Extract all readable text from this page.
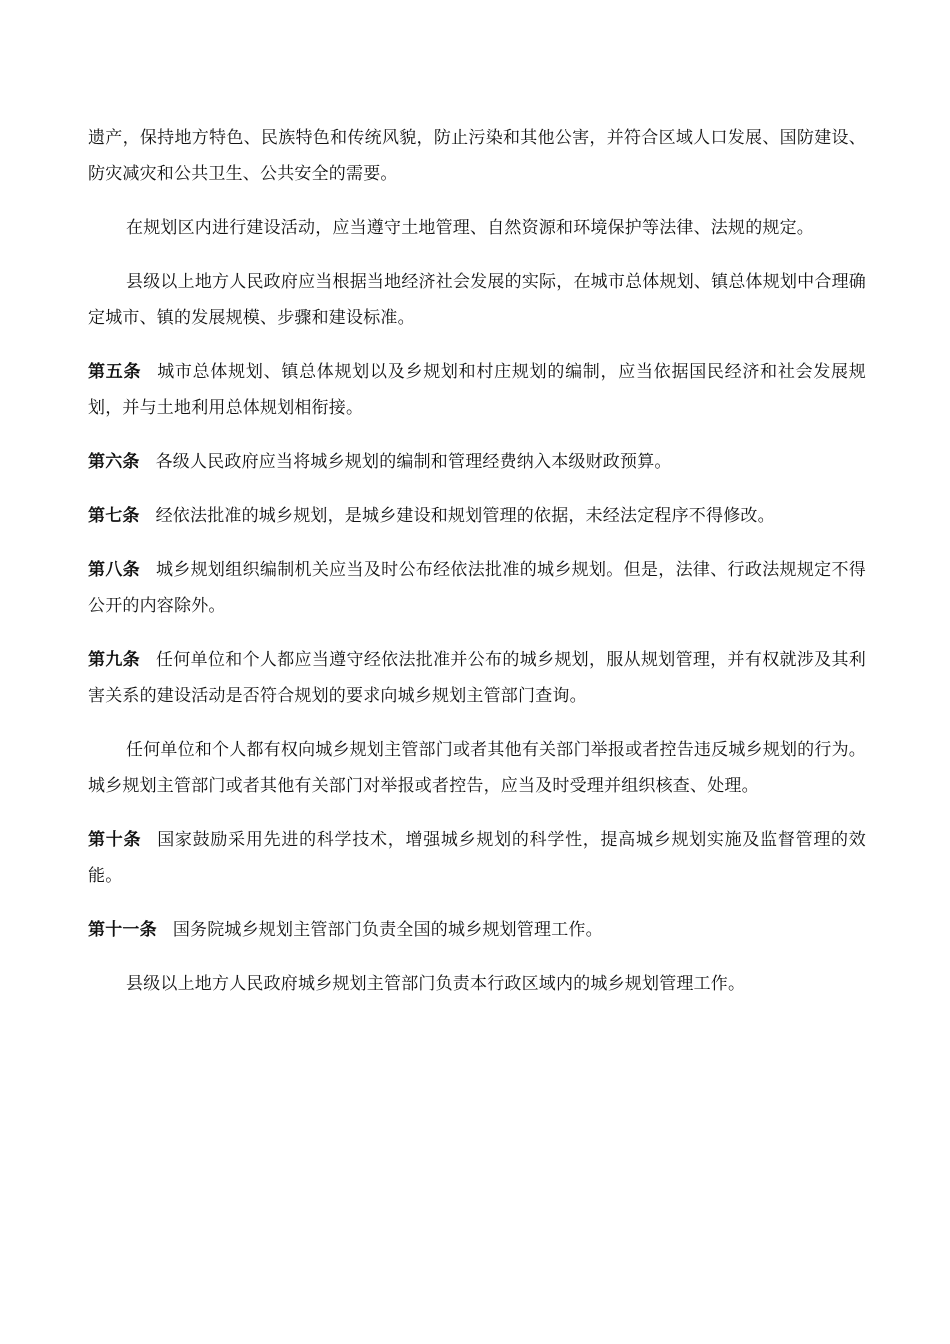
遗产，保持地方特色、民族特色和传统风貌，防止污染和其他公害，并符合区域人口发展、国防建设、防灾减灾和公共卫生、公共安全的需要。

在规划区内进行建设活动，应当遵守土地管理、自然资源和环境保护等法律、法规的规定。

县级以上地方人民政府应当根据当地经济社会发展的实际，在城市总体规划、镇总体规划中合理确定城市、镇的发展规模、步骤和建设标准。

第五条 城市总体规划、镇总体规划以及乡规划和村庄规划的编制，应当依据国民经济和社会发展规划，并与土地利用总体规划相衔接。

第六条 各级人民政府应当将城乡规划的编制和管理经费纳入本级财政预算。

第七条 经依法批准的城乡规划，是城乡建设和规划管理的依据，未经法定程序不得修改。

第八条 城乡规划组织编制机关应当及时公布经依法批准的城乡规划。但是，法律、行政法规规定不得公开的内容除外。

第九条 任何单位和个人都应当遵守经依法批准并公布的城乡规划，服从规划管理，并有权就涉及其利害关系的建设活动是否符合规划的要求向城乡规划主管部门查询。

任何单位和个人都有权向城乡规划主管部门或者其他有关部门举报或者控告违反城乡规划的行为。城乡规划主管部门或者其他有关部门对举报或者控告，应当及时受理并组织核查、处理。

第十条 国家鼓励采用先进的科学技术，增强城乡规划的科学性，提高城乡规划实施及监督管理的效能。

第十一条 国务院城乡规划主管部门负责全国的城乡规划管理工作。

县级以上地方人民政府城乡规划主管部门负责本行政区域内的城乡规划管理工作。
